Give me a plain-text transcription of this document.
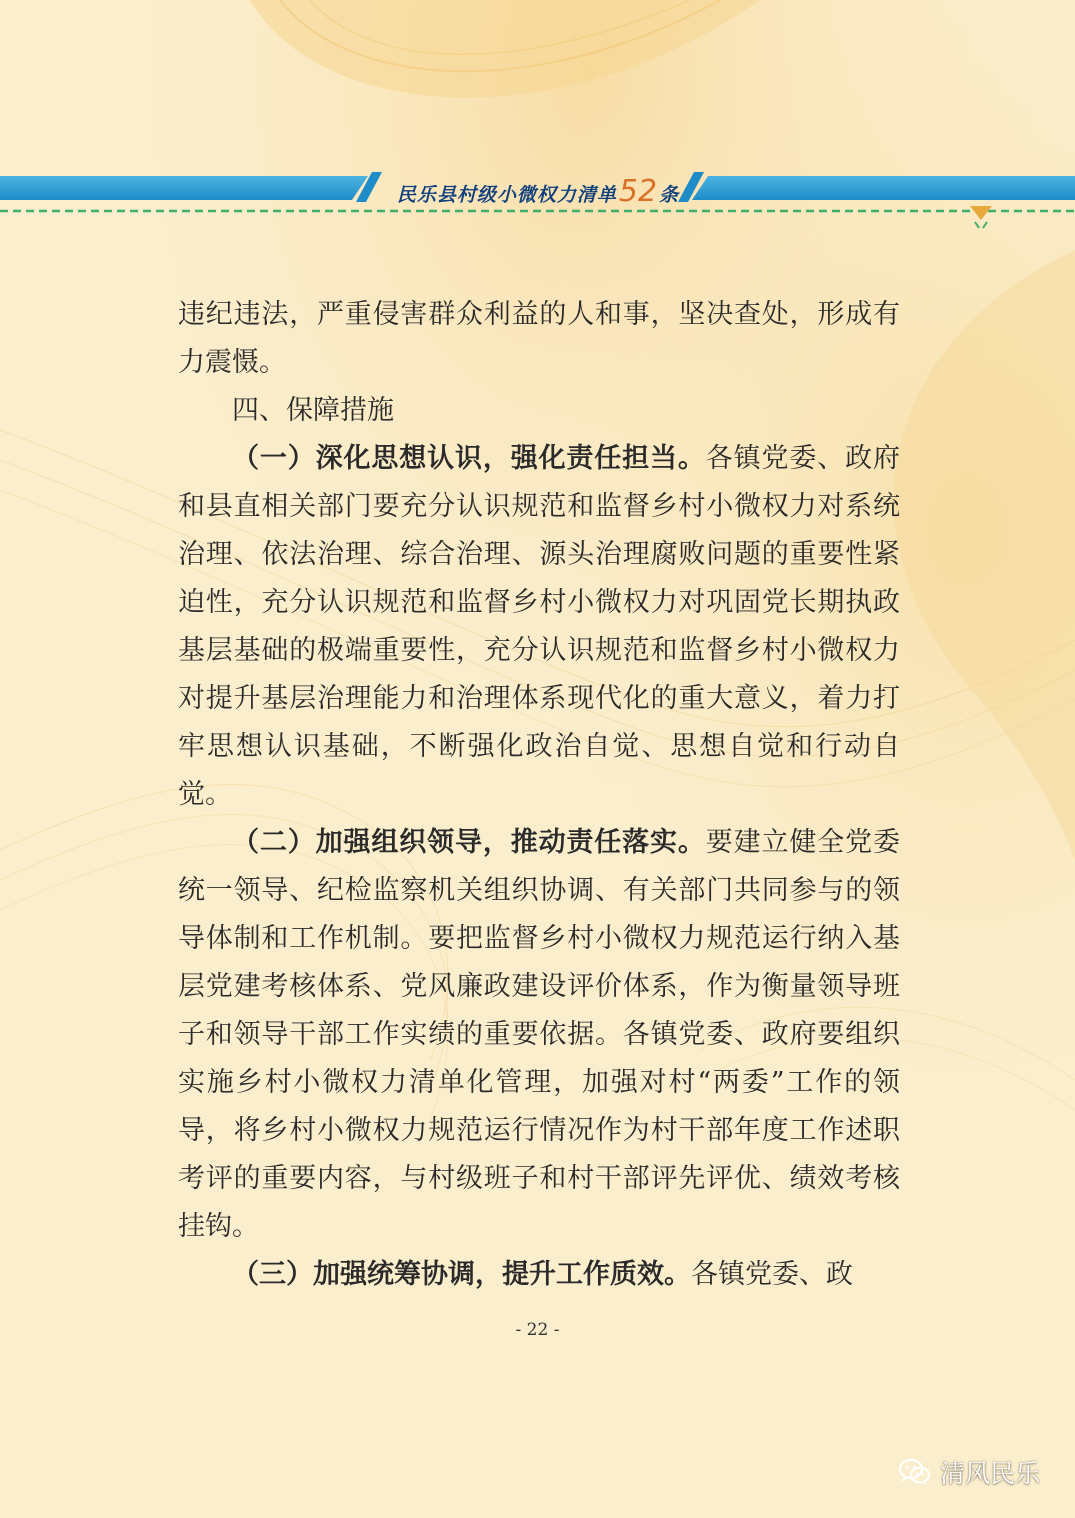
民乐县村级小微权力清单 52 条

违纪违法，严重侵害群众利益的人和事，坚决查处，形成有力震慑。

四、保障措施

（一）深化思想认识，强化责任担当。各镇党委、政府和县直相关部门要充分认识规范和监督乡村小微权力对系统治理、依法治理、综合治理、源头治理腐败问题的重要性紧迫性，充分认识规范和监督乡村小微权力对巩固党长期执政基层基础的极端重要性，充分认识规范和监督乡村小微权力对提升基层治理能力和治理体系现代化的重大意义，着力打牢思想认识基础，不断强化政治自觉、思想自觉和行动自觉。

（二）加强组织领导，推动责任落实。要建立健全党委统一领导、纪检监察机关组织协调、有关部门共同参与的领导体制和工作机制。要把监督乡村小微权力规范运行纳入基层党建考核体系、党风廉政建设评价体系，作为衡量领导班子和领导干部工作实绩的重要依据。各镇党委、政府要组织实施乡村小微权力清单化管理，加强对村“两委”工作的领导，将乡村小微权力规范运行情况作为村干部年度工作述职考评的重要内容，与村级班子和村干部评先评优、绩效考核挂钩。

（三）加强统筹协调，提升工作质效。各镇党委、政

- 22 -
清风民乐
